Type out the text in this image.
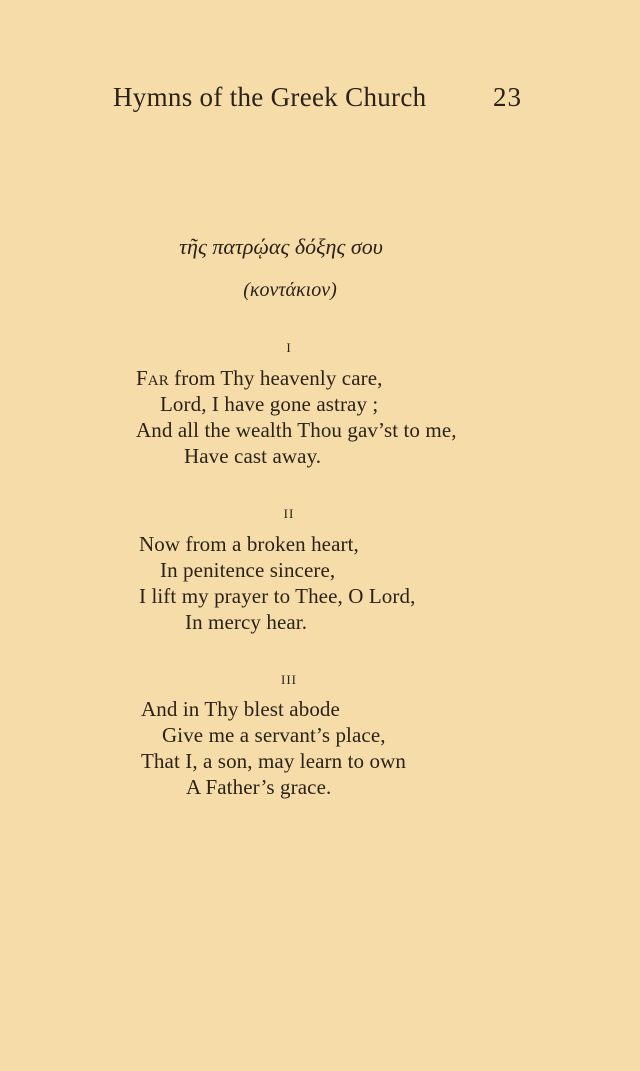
Hymns of the Greek Church 23
τῆς πατρῴας δόξης σου
(κοντάκιον)
I
Far from Thy heavenly care,
Lord, I have gone astray ;
And all the wealth Thou gav’st to me,
Have cast away.
II
Now from a broken heart,
In penitence sincere,
I lift my prayer to Thee, O Lord,
In mercy hear.
III
And in Thy blest abode
Give me a servant’s place,
That I, a son, may learn to own
A Father’s grace.
